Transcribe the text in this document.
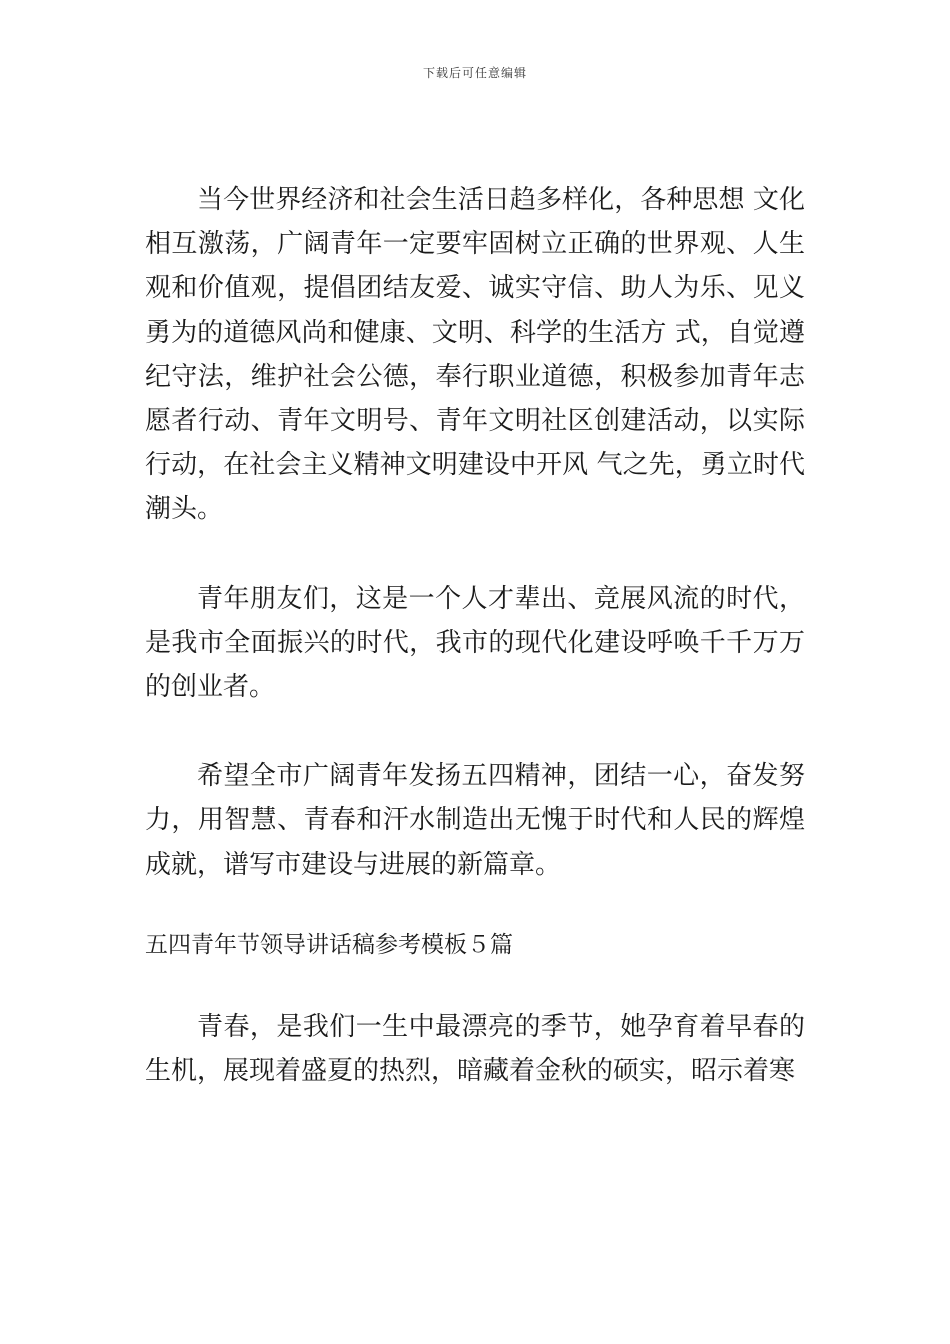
下载后可任意编辑

当今世界经济和社会生活日趋多样化，各种思想 文化相互激荡，广阔青年一定要牢固树立正确的世界观、人生观和价值观，提倡团结友爱、诚实守信、助人为乐、见义勇为的道德风尚和健康、文明、科学的生活方 式，自觉遵纪守法，维护社会公德，奉行职业道德，积极参加青年志愿者行动、青年文明号、青年文明社区创建活动，以实际行动，在社会主义精神文明建设中开风 气之先，勇立时代潮头。

青年朋友们，这是一个人才辈出、竞展风流的时代，是我市全面振兴的时代，我市的现代化建设呼唤千千万万的创业者。

希望全市广阔青年发扬五四精神，团结一心，奋发努力，用智慧、青春和汗水制造出无愧于时代和人民的辉煌成就，谱写市建设与进展的新篇章。

五四青年节领导讲话稿参考模板５篇

青春，是我们一生中最漂亮的季节，她孕育着早春的生机，展现着盛夏的热烈，暗藏着金秋的硕实，昭示着寒
